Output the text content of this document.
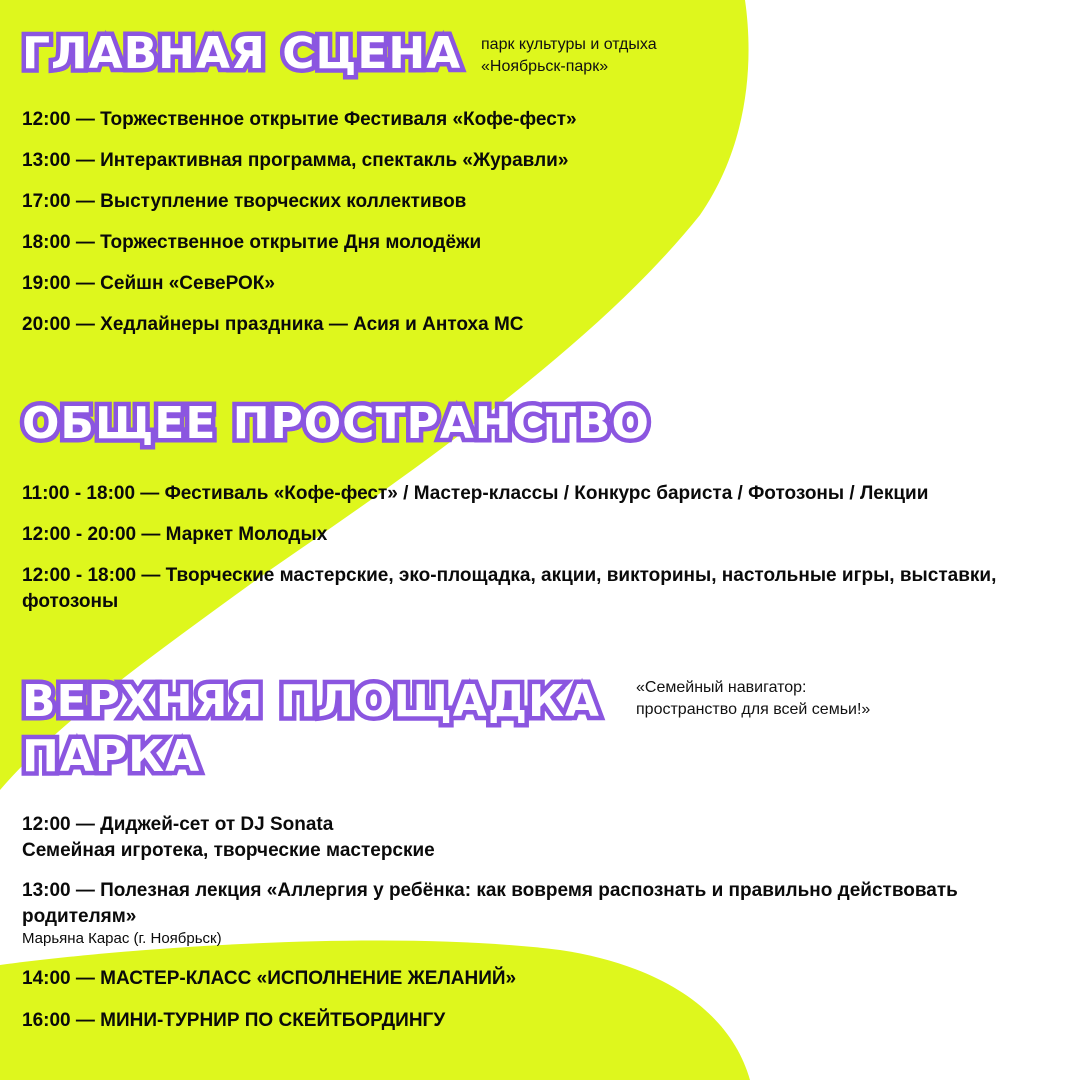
ГЛАВНАЯ СЦЕНА парк культуры и отдыха
«Ноябрьск-парк»

12:00 — Торжественное открытие Фестиваля «Кофе-фест»

13:00 — Интерактивная программа, спектакль «Журавли»

17:00 — Выступление творческих коллективов

18:00 — Торжественное открытие Дня молодёжи

19:00 — Сейшн «СевеРОК»

20:00 — Хедлайнеры праздника — Асия и Антоха МС

ОБЩЕЕ ПРОСТРАНСТВО

11:00 - 18:00 — Фестиваль «Кофе-фест» / Мастер-классы / Конкурс бариста / Фотозоны / Лекции

12:00 - 20:00 — Маркет Молодых

12:00 - 18:00 — Творческие мастерские, эко-площадка, акции, викторины, настольные игры, выставки, фотозоны

ВЕРХНЯЯ ПЛОЩАДКА
ПАРКА
«Семейный навигатор:
пространство для всей семьи!»
12:00 — Диджей-сет от DJ Sonata
Семейная игротека, творческие мастерские
13:00 — Полезная лекция «Аллергия у ребёнка: как вовремя распознать и правильно действовать родителям»
Марьяна Карас (г. Ноябрьск)

14:00 — МАСТЕР-КЛАСС «ИСПОЛНЕНИЕ ЖЕЛАНИЙ»

16:00 — МИНИ-ТУРНИР ПО СКЕЙТБОРДИНГУ
